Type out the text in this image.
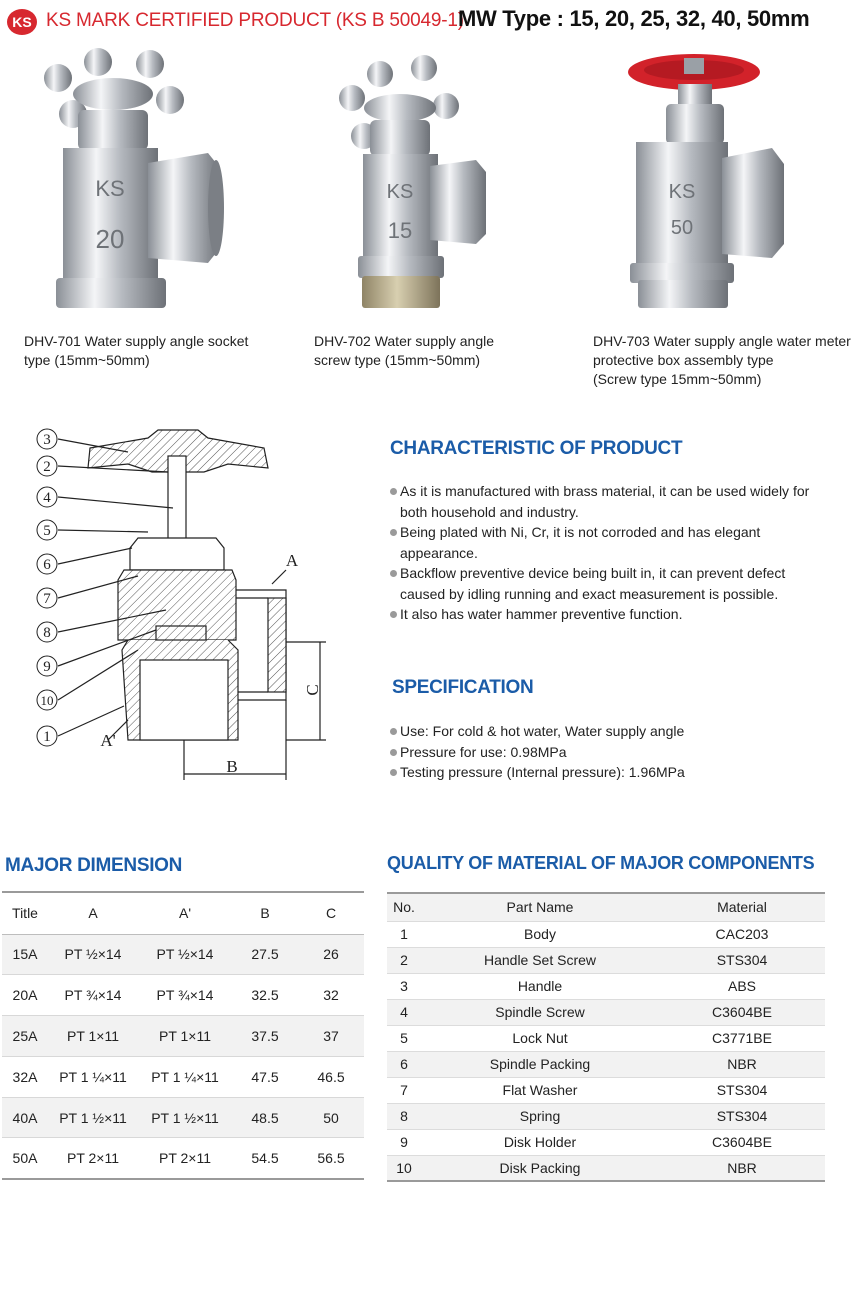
KS KS MARK CERTIFIED PRODUCT (KS B 50049-1)
MW Type : 15, 20, 25, 32, 40, 50mm
KS
20
DHV-701 Water supply angle socket
type (15mm~50mm)
KS
15
DHV-702 Water supply angle
screw type (15mm~50mm)
KS
50
DHV-703 Water supply angle water meter
protective box assembly type
(Screw type 15mm~50mm)
3
2
4
5
6
7
8
9
10
1
A
A'
B
C
CHARACTERISTIC OF PRODUCT
As it is manufactured with brass material, it can be used widely for
both household and industry.
Being plated with Ni, Cr, it is not corroded and has elegant
appearance.
Backflow preventive device being built in, it can prevent defect
caused by idling running and exact measurement is possible.
It also has water hammer preventive function.
SPECIFICATION
Use: For cold & hot water, Water supply angle
Pressure for use: 0.98MPa
Testing pressure (Internal pressure): 1.96MPa
MAJOR DIMENSION
Title	A	A'	B	C
15A	PT ½×14	PT ½×14	27.5	26
20A	PT ¾×14	PT ¾×14	32.5	32
25A	PT 1×11	PT 1×11	37.5	37
32A	PT 1 ¼×11	PT 1 ¼×11	47.5	46.5
40A	PT 1 ½×11	PT 1 ½×11	48.5	50
50A	PT 2×11	PT 2×11	54.5	56.5
QUALITY OF MATERIAL OF MAJOR COMPONENTS
No.	Part Name	Material
1	Body	CAC203
2	Handle Set Screw	STS304
3	Handle	ABS
4	Spindle Screw	C3604BE
5	Lock Nut	C3771BE
6	Spindle Packing	NBR
7	Flat Washer	STS304
8	Spring	STS304
9	Disk Holder	C3604BE
10	Disk Packing	NBR
